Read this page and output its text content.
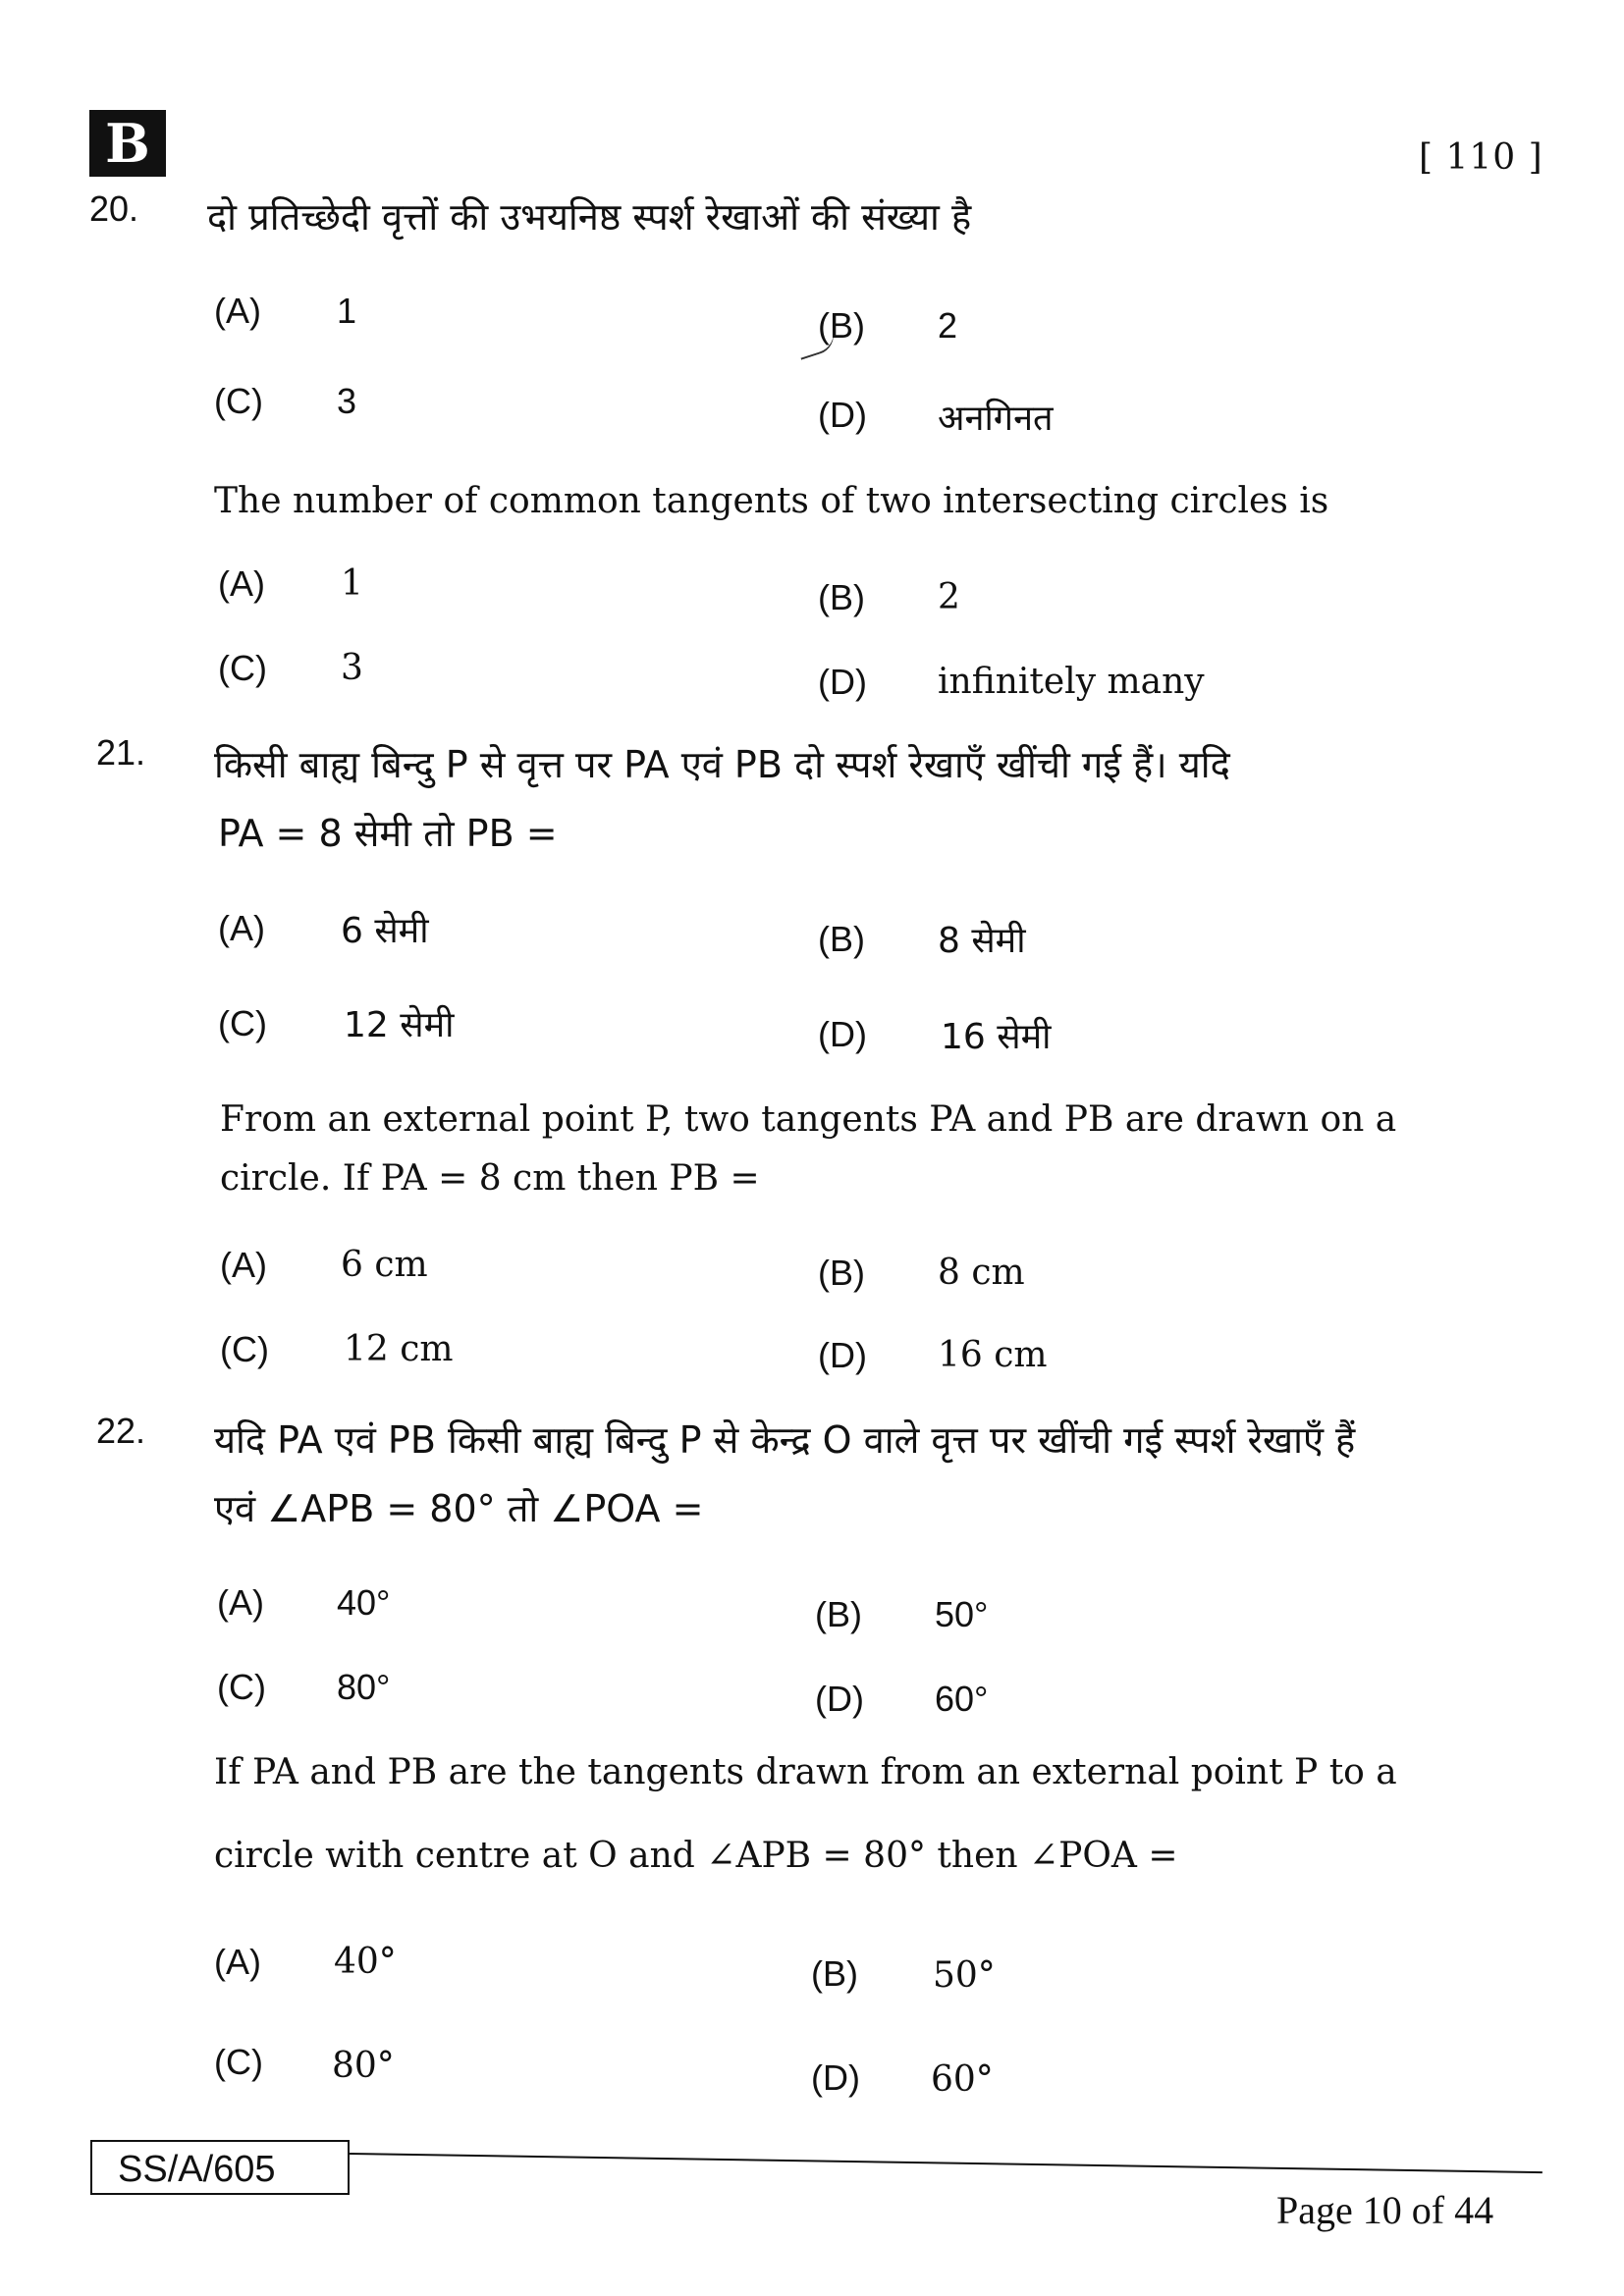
B	[ 110 ]
20. दो प्रतिच्छेदी वृत्तों की उभयनिष्ठ स्पर्श रेखाओं की संख्या है
(A) 1	(B) 2
(C) 3	(D) अनगिनत
The number of common tangents of two intersecting circles is
(A) 1	(B) 2
(C) 3	(D) infinitely many
21. किसी बाह्य बिन्दु P से वृत्त पर PA एवं PB दो स्पर्श रेखाएँ खींची गई हैं। यदि
PA = 8 सेमी तो PB =
(A) 6 सेमी	(B) 8 सेमी
(C) 12 सेमी	(D) 16 सेमी
From an external point P, two tangents PA and PB are drawn on a
circle. If PA = 8 cm then PB =
(A) 6 cm	(B) 8 cm
(C) 12 cm	(D) 16 cm
22. यदि PA एवं PB किसी बाह्य बिन्दु P से केन्द्र O वाले वृत्त पर खींची गई स्पर्श रेखाएँ हैं
एवं ∠APB = 80° तो ∠POA =
(A) 40°	(B) 50°
(C) 80°	(D) 60°
If PA and PB are the tangents drawn from an external point P to a
circle with centre at O and ∠APB = 80° then ∠POA =
(A) 40°	(B) 50°
(C) 80°	(D) 60°
SS/A/605
Page 10 of 44
